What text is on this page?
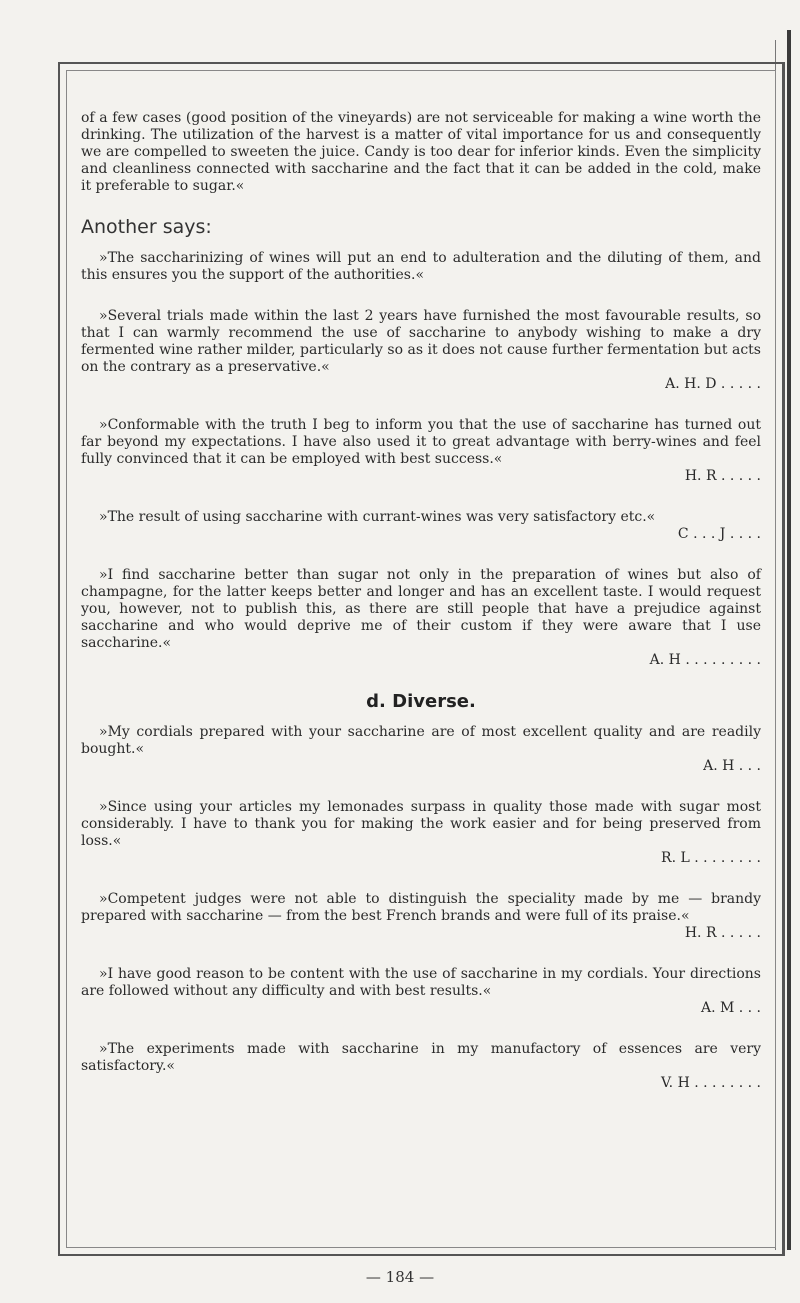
of a few cases (good position of the vineyards) are not serviceable for making a wine worth the drinking. The utilization of the harvest is a matter of vital importance for us and consequently we are compelled to sweeten the juice. Candy is too dear for inferior kinds. Even the simplicity and cleanliness connected with saccharine and the fact that it can be added in the cold, make it preferable to sugar.«

Another says:

»The saccharinizing of wines will put an end to adulteration and the diluting of them, and this ensures you the support of the authorities.«

»Several trials made within the last 2 years have furnished the most favourable results, so that I can warmly recommend the use of saccharine to anybody wishing to make a dry fermented wine rather milder, particularly so as it does not cause further fermentation but acts on the contrary as a preservative.«

A. H. D . . . . .

»Conformable with the truth I beg to inform you that the use of saccharine has turned out far beyond my expectations. I have also used it to great advantage with berry-wines and feel fully convinced that it can be employed with best success.«

H. R . . . . .

»The result of using saccharine with currant-wines was very satisfactory etc.«

C . . . J . . . .

»I find saccharine better than sugar not only in the preparation of wines but also of champagne, for the latter keeps better and longer and has an excellent taste. I would request you, however, not to publish this, as there are still people that have a prejudice against saccharine and who would deprive me of their custom if they were aware that I use saccharine.«

A. H . . . . . . . . .

d. Diverse.

»My cordials prepared with your saccharine are of most excellent quality and are readily bought.«

A. H . . .

»Since using your articles my lemonades surpass in quality those made with sugar most considerably. I have to thank you for making the work easier and for being preserved from loss.«

R. L . . . . . . . .

»Competent judges were not able to distinguish the speciality made by me — brandy prepared with saccharine — from the best French brands and were full of its praise.«

H. R . . . . .

»I have good reason to be content with the use of saccharine in my cordials. Your directions are followed without any difficulty and with best results.«

A. M . . .

»The experiments made with saccharine in my manufactory of essences are very satisfactory.«

V. H . . . . . . . .

— 184 —
